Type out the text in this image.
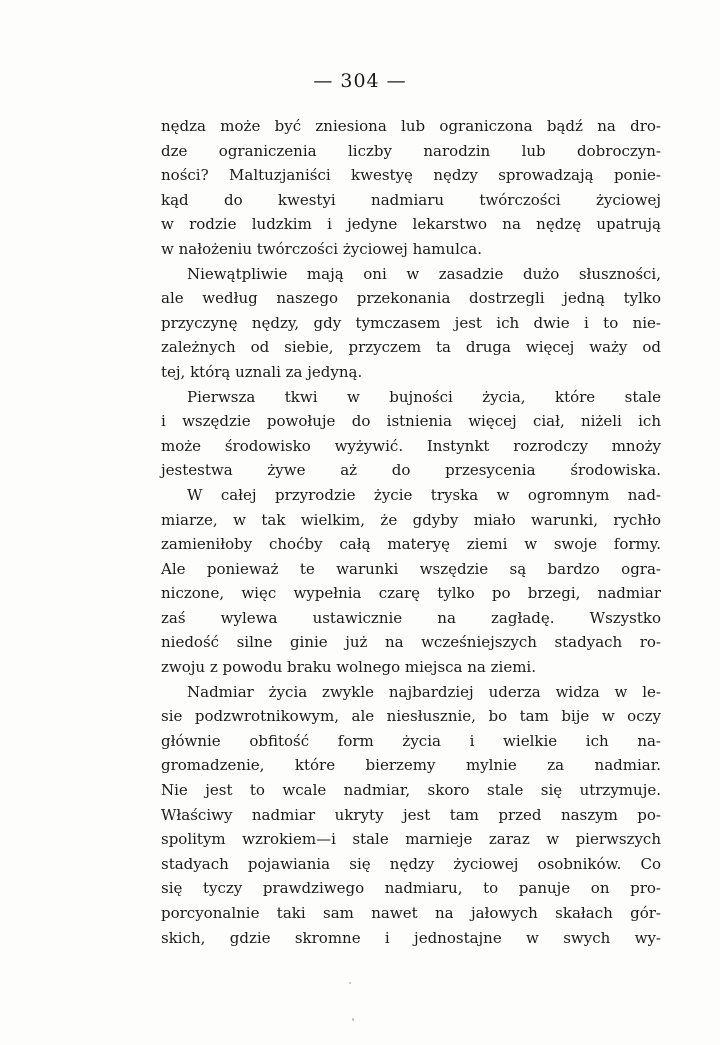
— 304 —
nędza może być zniesiona lub ograniczona bądź na dro-
dze ograniczenia liczby narodzin lub dobroczyn-
ności? Maltuzjaniści kwestyę nędzy sprowadzają ponie-
kąd do kwestyi nadmiaru twórczości życiowej
w rodzie ludzkim i jedyne lekarstwo na nędzę upatrują
w nałożeniu twórczości życiowej hamulca.
Niewątpliwie mają oni w zasadzie dużo słuszności,
ale według naszego przekonania dostrzegli jedną tylko
przyczynę nędzy, gdy tymczasem jest ich dwie i to nie-
zależnych od siebie, przyczem ta druga więcej waży od
tej, którą uznali za jedyną.
Pierwsza tkwi w bujności życia, które stale
i wszędzie powołuje do istnienia więcej ciał, niżeli ich
może środowisko wyżywić. Instynkt rozrodczy mnoży
jestestwa żywe aż do przesycenia środowiska.
W całej przyrodzie życie tryska w ogromnym nad-
miarze, w tak wielkim, że gdyby miało warunki, rychło
zamieniłoby choćby całą materyę ziemi w swoje formy.
Ale ponieważ te warunki wszędzie są bardzo ogra-
niczone, więc wypełnia czarę tylko po brzegi, nadmiar
zaś wylewa ustawicznie na zagładę. Wszystko
niedość silne ginie już na wcześniejszych stadyach ro-
zwoju z powodu braku wolnego miejsca na ziemi.
Nadmiar życia zwykle najbardziej uderza widza w le-
sie podzwrotnikowym, ale niesłusznie, bo tam bije w oczy
głównie obfitość form życia i wielkie ich na-
gromadzenie, które bierzemy mylnie za nadmiar.
Nie jest to wcale nadmiar, skoro stale się utrzymuje.
Właściwy nadmiar ukryty jest tam przed naszym po-
spolitym wzrokiem—i stale marnieje zaraz w pierwszych
stadyach pojawiania się nędzy życiowej osobników. Co
się tyczy prawdziwego nadmiaru, to panuje on pro-
porcyonalnie taki sam nawet na jałowych skałach gór-
skich, gdzie skromne i jednostajne w swych wy-
